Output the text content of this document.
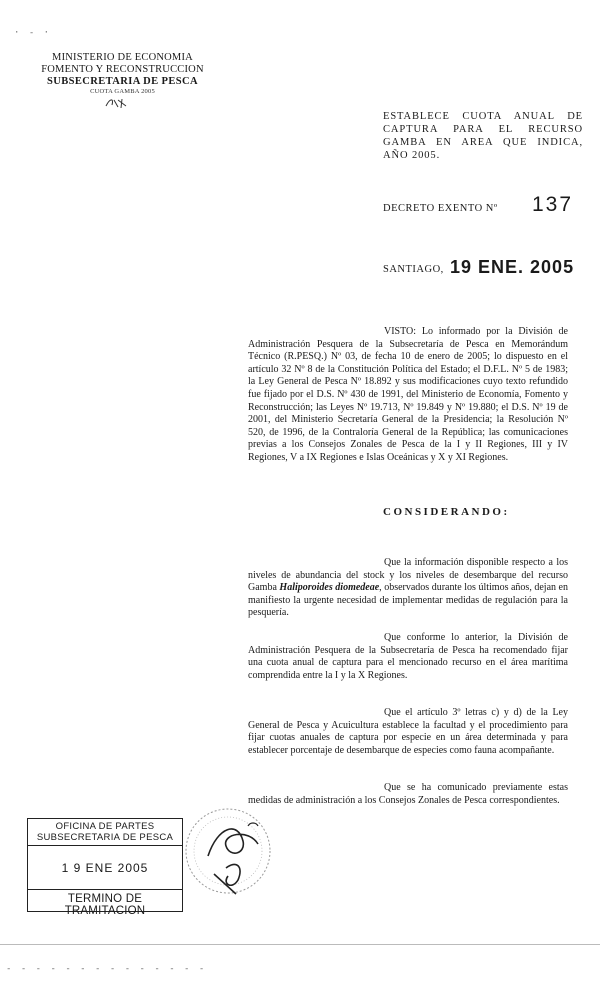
MINISTERIO DE ECONOMIA
FOMENTO Y RECONSTRUCCION
SUBSECRETARIA DE PESCA
CUOTA GAMBA 2005
ESTABLECE CUOTA ANUAL DE CAPTURA PARA EL RECURSO GAMBA EN AREA QUE INDICA, AÑO 2005.
DECRETO EXENTO Nº 137
SANTIAGO, 19 ENE. 2005
VISTO: Lo informado por la División de Administración Pesquera de la Subsecretaría de Pesca en Memorándum Técnico (R.PESQ.) Nº 03, de fecha 10 de enero de 2005; lo dispuesto en el artículo 32 Nº 8 de la Constitución Política del Estado; el D.F.L. Nº 5 de 1983; la Ley General de Pesca Nº 18.892 y sus modificaciones cuyo texto refundido fue fijado por el D.S. Nº 430 de 1991, del Ministerio de Economía, Fomento y Reconstrucción; las Leyes Nº 19.713, Nº 19.849 y Nº 19.880; el D.S. Nº 19 de 2001, del Ministerio Secretaría General de la Presidencia; la Resolución Nº 520, de 1996, de la Contraloría General de la República; las comunicaciones previas a los Consejos Zonales de Pesca de la I y II Regiones, III y IV Regiones, V a IX Regiones e Islas Oceánicas y X y XI Regiones.
CONSIDERANDO:
Que la información disponible respecto a los niveles de abundancia del stock y los niveles de desembarque del recurso Gamba Haliporoides diomedeae, observados durante los últimos años, dejan en manifiesto la urgente necesidad de implementar medidas de regulación para la pesquería.
Que conforme lo anterior, la División de Administración Pesquera de la Subsecretaría de Pesca ha recomendado fijar una cuota anual de captura para el mencionado recurso en el área marítima comprendida entre la I y la X Regiones.
Que el artículo 3º letras c) y d) de la Ley General de Pesca y Acuicultura establece la facultad y el procedimiento para fijar cuotas anuales de captura por especie en un área determinada y para establecer porcentaje de desembarque de especies como fauna acompañante.
Que se ha comunicado previamente estas medidas de administración a los Consejos Zonales de Pesca correspondientes.
OFICINA DE PARTES
SUBSECRETARIA DE PESCA
1 9 ENE 2005
TERMINO DE TRAMITACION
· - ·
- - - - - - - - - - - - - -
